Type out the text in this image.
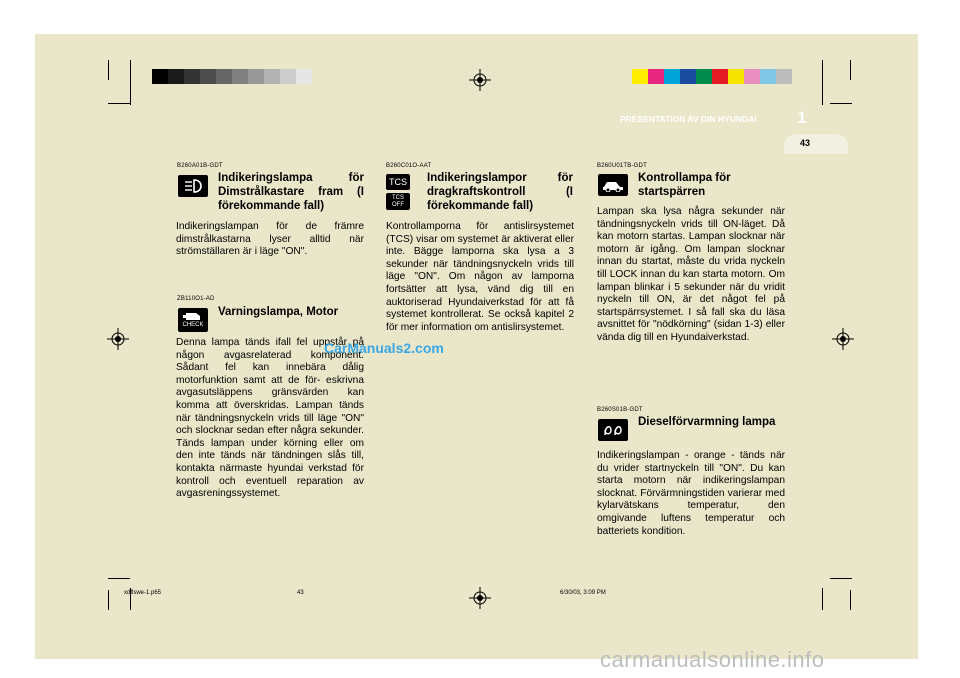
PRESENTATION AV DIN HYUNDAI 1
43
B260A01B-GDT
Indikeringslampa för Dimstrålkastare fram (I förekommande fall)
Indikeringslampan för de främre dimstrålkastarna lyser alltid när strömställaren är i läge "ON".
ZB110O1-AD
CHECK
Varningslampa, Motor
Denna lampa tänds ifall fel uppstår på någon avgasrelaterad komponent. Sådant fel kan innebära dålig motorfunktion samt att de för- eskrivna avgasutsläppens gränsvärden kan komma att överskridas. Lampan tänds när tändningsnyckeln vrids till läge "ON" och slocknar sedan efter några sekunder. Tänds lampan under körning eller om den inte tänds när tändningen slås till, kontakta närmaste hyundai verkstad för kontroll och eventuell reparation av avgasreningssystemet.
B260C01O-AAT
TCS
TCS
OFF
Indikeringslampor för dragkraftskontroll (I förekommande fall)
Kontrollamporna för antislirsystemet (TCS) visar om systemet är aktiverat eller inte. Bägge lamporna ska lysa a 3 sekunder när tändningsnyckeln vrids till läge "ON". Om någon av lamporna fortsätter att lysa, vänd dig till en auktoriserad Hyundaiverkstad för att få systemet kontrollerat. Se också kapitel 2 för mer information om antislirsystemet.
B260U01TB-GDT
Kontrollampa för startspärren
Lampan ska lysa några sekunder när tändningsnyckeln vrids till ON-läget. Då kan motorn startas. Lampan slocknar när motorn är igång. Om lampan slocknar innan du startat, måste du vrida nyckeln till LOCK innan du kan starta motorn. Om lampan blinkar i 5 sekunder när du vridit nyckeln till ON, är det något fel på startspärrsystemet. I så fall ska du läsa avsnittet för "nödkörning" (sidan 1-3) eller vända dig till en Hyundaiverkstad.
B260S01B-GDT
Dieselförvarmning lampa
Indikeringslampan - orange - tänds när du vrider startnyckeln till "ON". Du kan starta motorn när indikeringslampan slocknat. Förvärmningstiden varierar med kylarvätskans temperatur, den omgivande luftens temperatur och batteriets kondition.
xdflswe-1.p65	43	6/30/03, 3:09 PM
CarManuals2.com
carmanualsonline.info
